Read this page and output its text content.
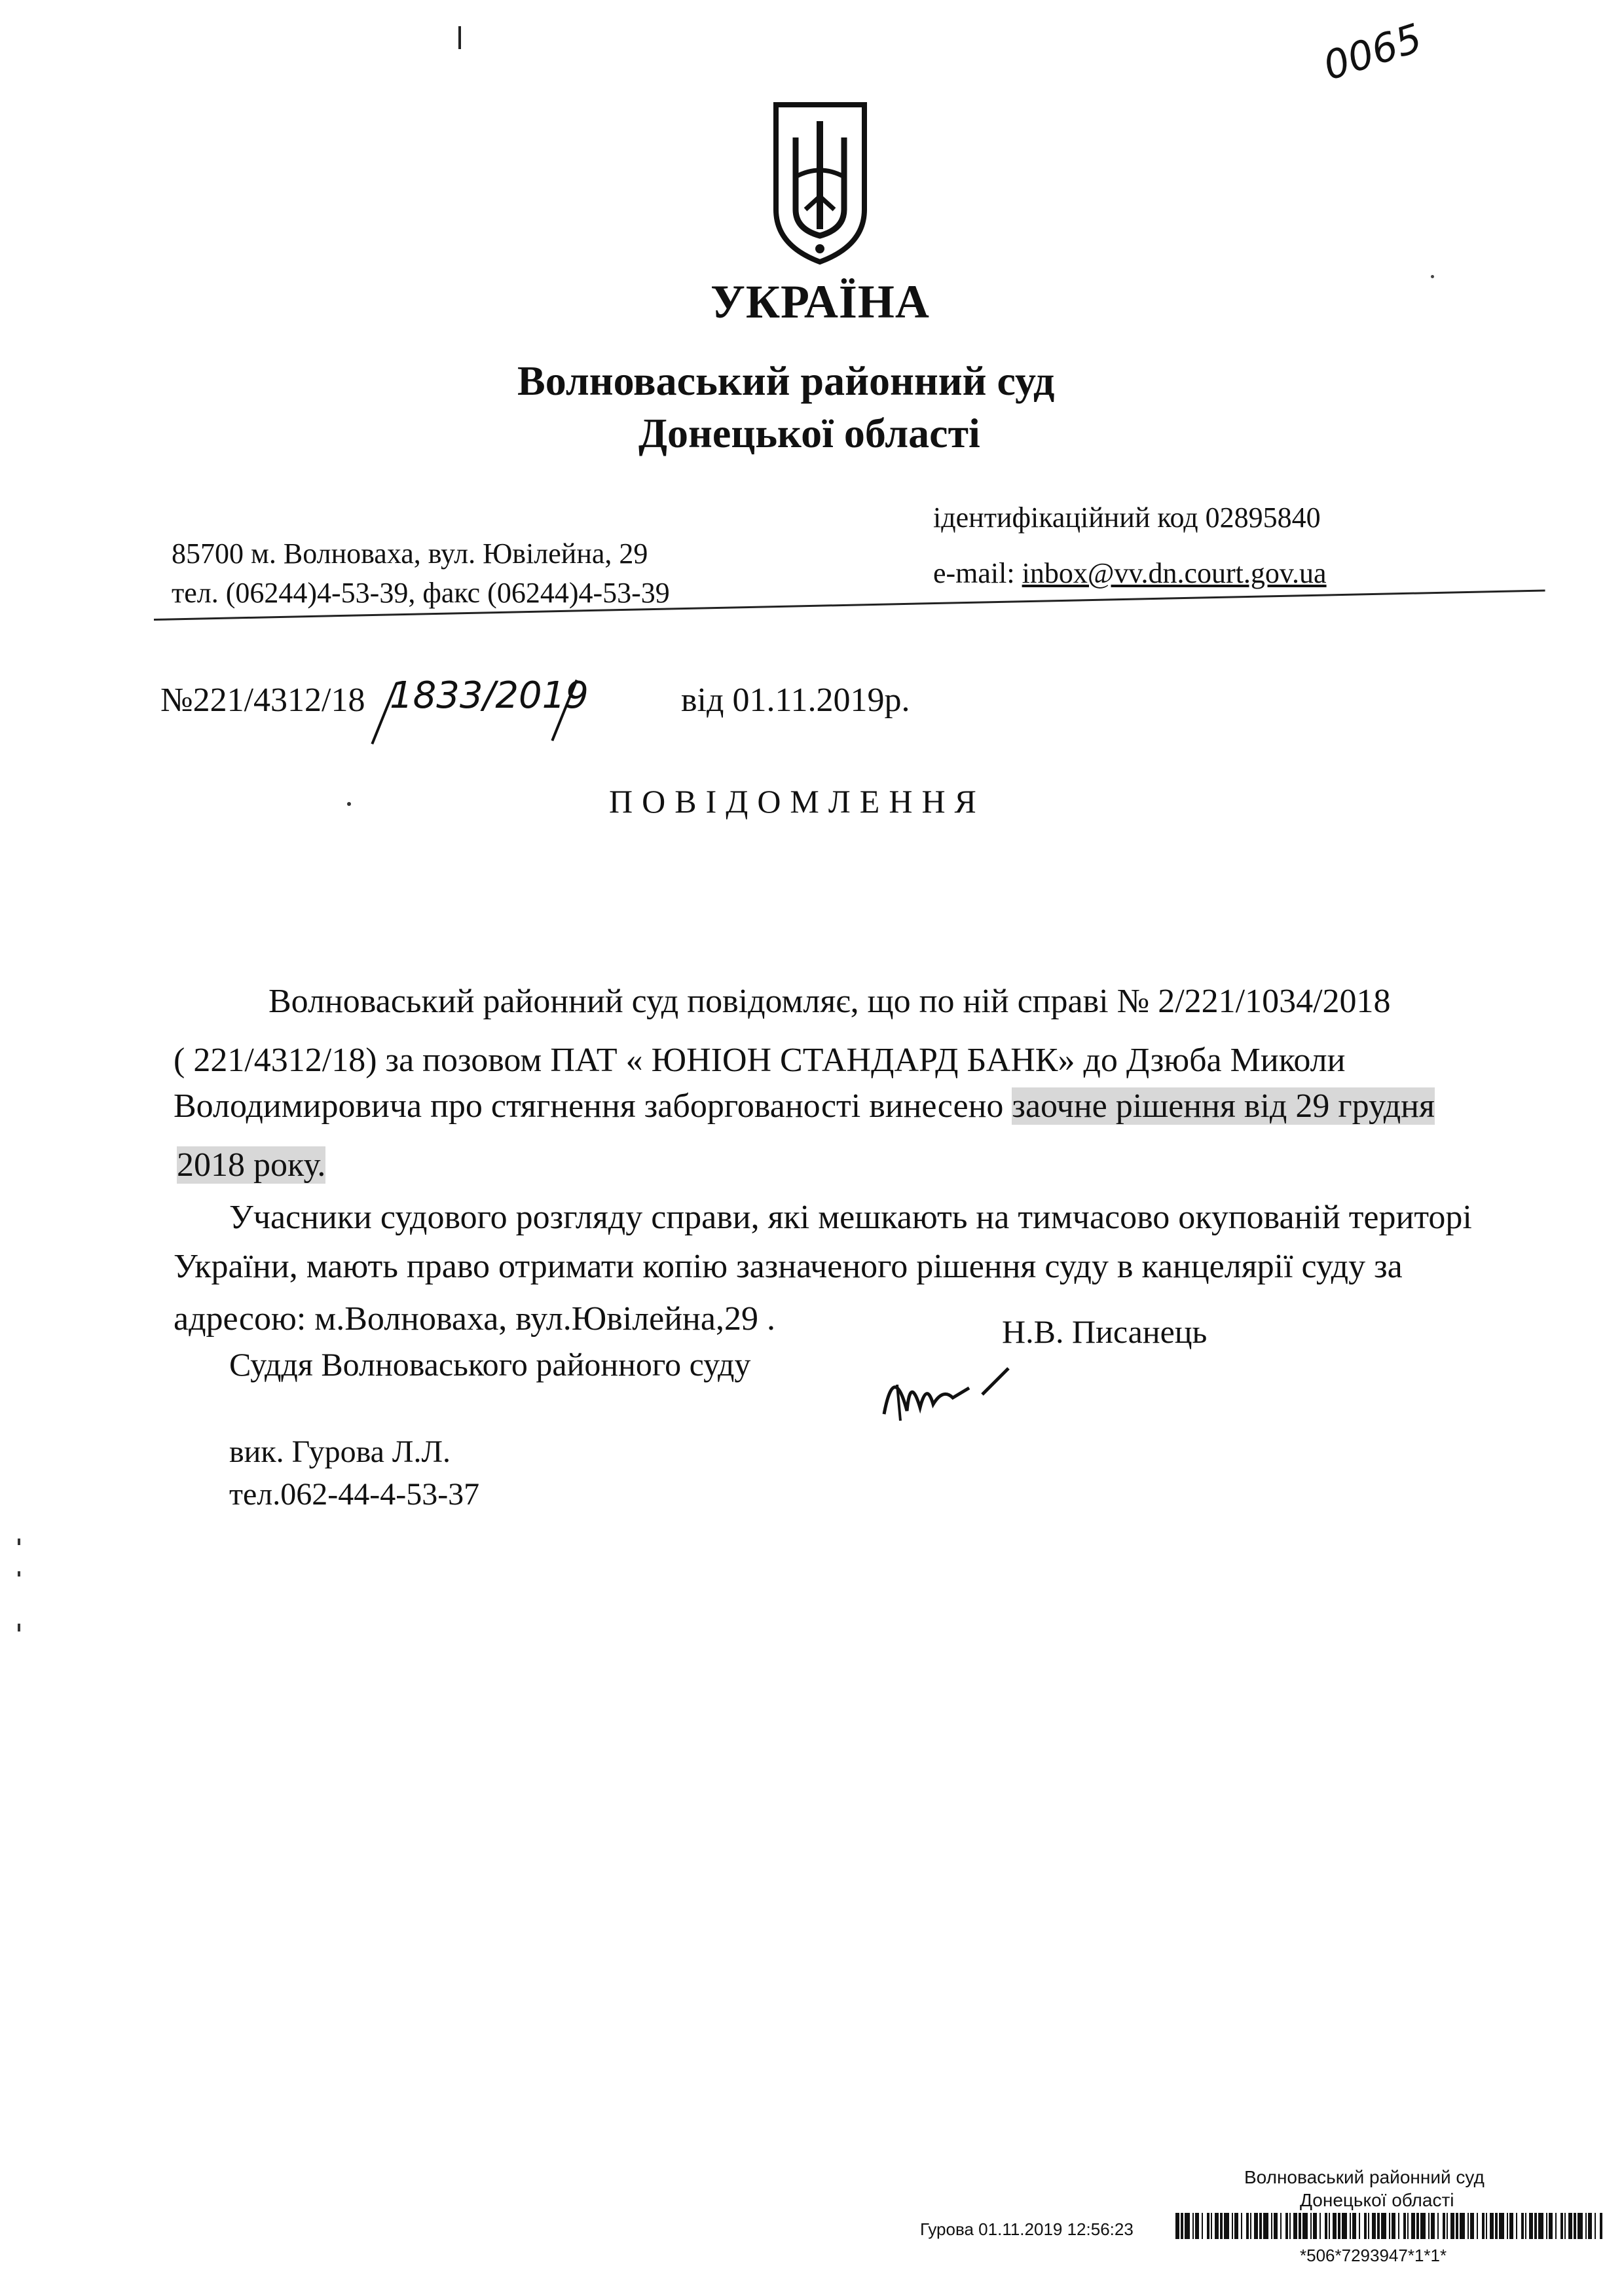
0065
УКРАЇНА
Волноваський районний суд
Донецької області
85700 м. Волноваха, вул. Ювілейна, 29
тел. (06244)4-53-39, факс (06244)4-53-39
ідентифікаційний код 02895840
e-mail: inbox@vv.dn.court.gov.ua
№221/4312/18 1833/2019	від 01.11.2019р.
ПОВІДОМЛЕННЯ
Волноваський районний суд повідомляє, що по ній справі № 2/221/1034/2018
( 221/4312/18) за позовом ПАТ « ЮНІОН СТАНДАРД БАНК» до Дзюба Миколи
Володимировича про стягнення заборгованості винесено заочне рішення від 29 грудня
2018 року.
Учасники судового розгляду справи, які мешкають на тимчасово окупованій територі
України, мають право отримати копію зазначеного рішення суду в канцелярії суду за
адресою: м.Волноваха, вул.Ювілейна,29 .
Суддя Волноваського районного суду
Н.В. Писанець
вик. Гурова Л.Л.
тел.062-44-4-53-37
Волноваський районний суд
Донецької області
Гурова 01.11.2019 12:56:23
*506*7293947*1*1*
